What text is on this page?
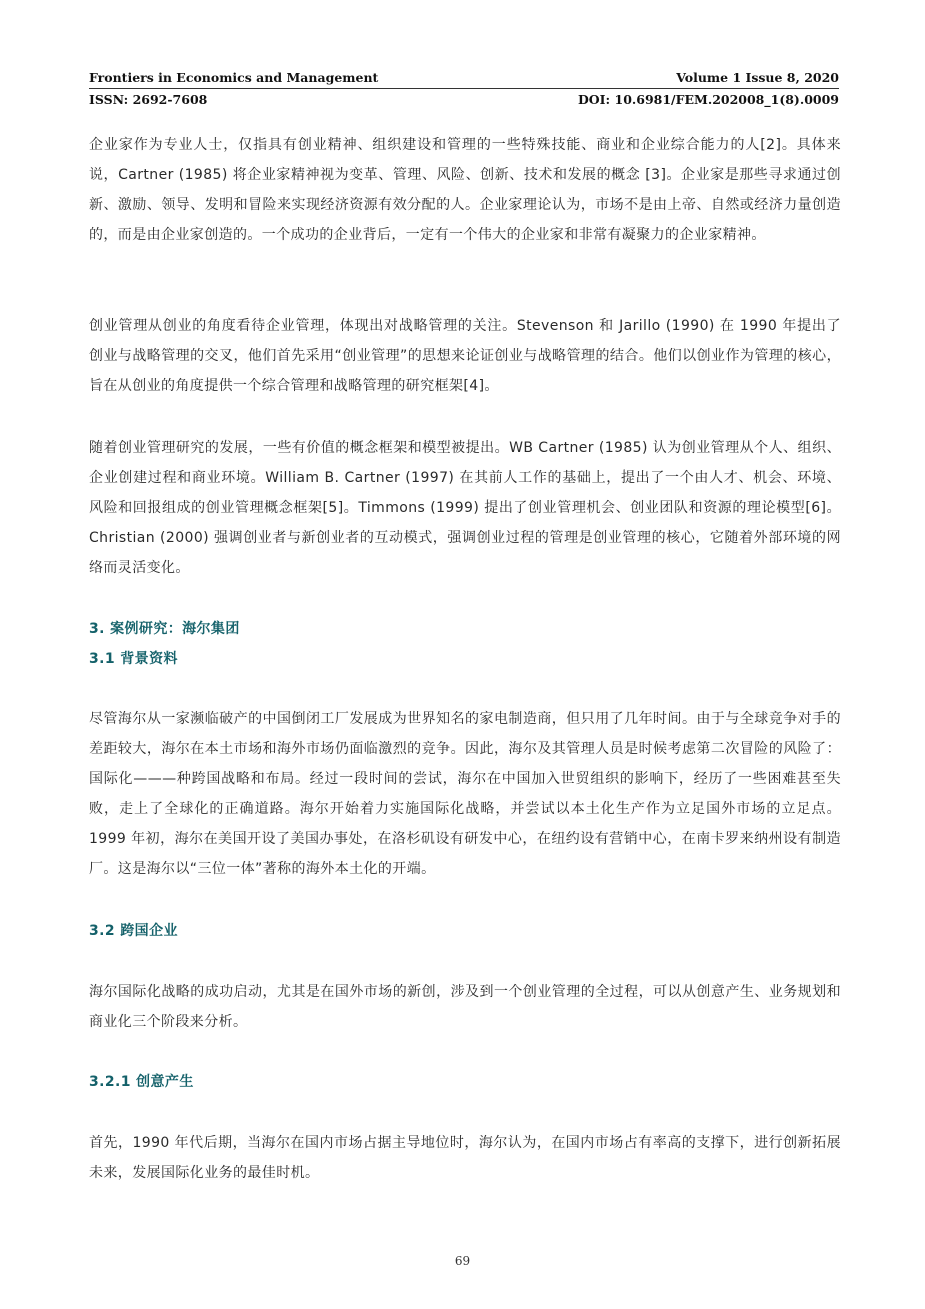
Frontiers in Economics and Management	Volume 1 Issue 8, 2020
ISSN: 2692-7608	DOI: 10.6981/FEM.202008_1(8).0009
企业家作为专业人士，仅指具有创业精神、组织建设和管理的一些特殊技能、商业和企业综合能力的人[2]。具体来说，Cartner (1985) 将企业家精神视为变革、管理、风险、创新、技术和发展的概念 [3]。企业家是那些寻求通过创新、激励、领导、发明和冒险来实现经济资源有效分配的人。企业家理论认为，市场不是由上帝、自然或经济力量创造的，而是由企业家创造的。一个成功的企业背后，一定有一个伟大的企业家和非常有凝聚力的企业家精神。
创业管理从创业的角度看待企业管理，体现出对战略管理的关注。Stevenson 和 Jarillo (1990) 在 1990 年提出了创业与战略管理的交叉，他们首先采用“创业管理”的思想来论证创业与战略管理的结合。他们以创业作为管理的核心，旨在从创业的角度提供一个综合管理和战略管理的研究框架[4]。
随着创业管理研究的发展，一些有价值的概念框架和模型被提出。WB Cartner (1985) 认为创业管理从个人、组织、企业创建过程和商业环境。William B. Cartner (1997) 在其前人工作的基础上，提出了一个由人才、机会、环境、风险和回报组成的创业管理概念框架[5]。Timmons (1999) 提出了创业管理机会、创业团队和资源的理论模型[6]。Christian (2000) 强调创业者与新创业者的互动模式，强调创业过程的管理是创业管理的核心，它随着外部环境的网络而灵活变化。
3. 案例研究：海尔集团
3.1 背景资料
尽管海尔从一家濒临破产的中国倒闭工厂发展成为世界知名的家电制造商，但只用了几年时间。由于与全球竞争对手的差距较大，海尔在本土市场和海外市场仍面临激烈的竞争。因此，海尔及其管理人员是时候考虑第二次冒险的风险了：国际化———种跨国战略和布局。经过一段时间的尝试，海尔在中国加入世贸组织的影响下，经历了一些困难甚至失败，走上了全球化的正确道路。海尔开始着力实施国际化战略，并尝试以本土化生产作为立足国外市场的立足点。1999 年初，海尔在美国开设了美国办事处，在洛杉矶设有研发中心，在纽约设有营销中心，在南卡罗来纳州设有制造厂。这是海尔以“三位一体”著称的海外本土化的开端。
3.2 跨国企业
海尔国际化战略的成功启动，尤其是在国外市场的新创，涉及到一个创业管理的全过程，可以从创意产生、业务规划和商业化三个阶段来分析。
3.2.1 创意产生
首先，1990 年代后期，当海尔在国内市场占据主导地位时，海尔认为，在国内市场占有率高的支撑下，进行创新拓展未来，发展国际化业务的最佳时机。
69
